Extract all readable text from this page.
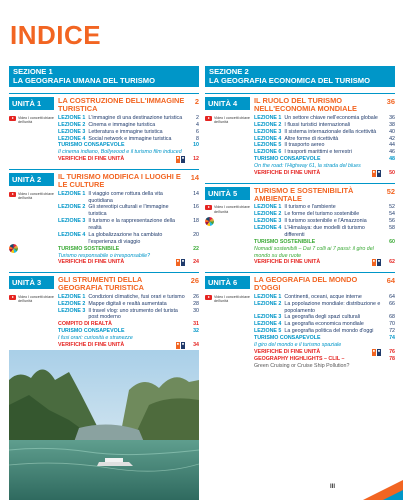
INDICE
SEZIONE 1
LA GEOGRAFIA UMANA DEL TURISMO
UNITÀ 1	LA COSTRUZIONE DELL'IMMAGINE TURISTICA
2
Video I concetti chiave dell'unità
LEZIONE 1 L'immagine di una destinazione turistica	2
LEZIONE 2 Cinema e immagine turistica	4
LEZIONE 3 Letteratura e immagine turistica	6
LEZIONE 4 Social network e immagine turistica	8
TURISMO CONSAPEVOLE	10
Il cinema indiano, Bollywood e il turismo film induced
VERIFICHE DI FINE UNITÀ	■ ■	12
UNITÀ 2	IL TURISMO MODIFICA I LUOGHI E LE CULTURE
14
Video I concetti chiave dell'unità
LEZIONE 1 Il viaggio come rottura della vita quotidiana
14
LEZIONE 2 Gli stereotipi culturali e l'immagine turistica
16
LEZIONE 3 Il turismo e la rappresentazione della realtà
18
LEZIONE 4 La globalizzazione ha cambiato l'esperienza di viaggio
20
TURISMO SOSTENIBILE	22
Turismo responsabile o irresponsabile?
VERIFICHE DI FINE UNITÀ	■ ■	24
UNITÀ 3	GLI STRUMENTI DELLA GEOGRAFIA TURISTICA
26
Video I concetti chiave dell'unità
LEZIONE 1 Condizioni climatiche, fusi orari e turismo	26
LEZIONE 2 Mappe digitali e realtà aumentata	28
LEZIONE 3 Il travel vlog: uno strumento del turista post moderno
30
COMPITO DI REALTÀ	31
TURISMO CONSAPEVOLE	32
I fusi orari: curiosità e stranezze
VERIFICHE DI FINE UNITÀ	■ ■	34
SEZIONE 2
LA GEOGRAFIA ECONOMICA DEL TURISMO
UNITÀ 4	IL RUOLO DEL TURISMO NELL'ECONOMIA MONDIALE
36
Video I concetti chiave dell'unità
LEZIONE 1 Un settore chiave nell'economia globale	36
LEZIONE 2 I flussi turistici internazionali	38
LEZIONE 3 Il sistema internazionale della ricettività	40
LEZIONE 4 Altre forme di ricettività	42
LEZIONE 5 Il trasporto aereo	44
LEZIONE 6 I trasporti marittimi e terrestri	46
TURISMO CONSAPEVOLE	48
On the road: l'Highway 61, la strada del blues
VERIFICHE DI FINE UNITÀ	■ ■	50
UNITÀ 5	TURISMO E SOSTENIBILITÀ AMBIENTALE
52
Video I concetti chiave dell'unità
LEZIONE 1 Il turismo e l'ambiente	52
LEZIONE 2 Le forme del turismo sostenibile	54
LEZIONE 3 Il turismo sostenibile e l'Amazzonia	56
LEZIONE 4 L'Himalaya: due modelli di turismo differenti
58
TURISMO SOSTENIBILE	60
Nomadi sostenibili – Dai 7 colli ai 7 passi: il giro del mondo su due ruote
VERIFICHE DI FINE UNITÀ	■ ■	62
UNITÀ 6	LA GEOGRAFIA DEL MONDO D'OGGI
64
Video I concetti chiave dell'unità
LEZIONE 1 Continenti, oceani, acque interne	64
LEZIONE 2 La popolazione mondiale: distribuzione e popolamento
66
LEZIONE 3 La geografia degli spazi culturali	68
LEZIONE 4 La geografia economica mondiale	70
LEZIONE 5 La geografia politica del mondo d'oggi	72
TURISMO CONSAPEVOLE	74
Il giro del mondo e il turismo spaziale
VERIFICHE DI FINE UNITÀ	■ ■	76
GEOGRAPHY HIGHLIGHTS – CLIL –	78
Green Cruising or Cruise Ship Pollution?
III
